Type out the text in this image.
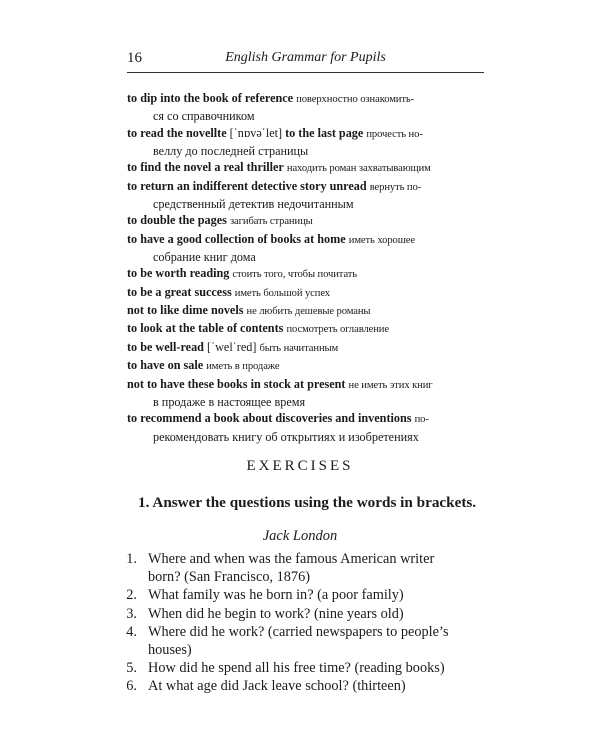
16	English Grammar for Pupils
to dip into the book of reference поверхностно ознакомить-
ся со справочником
to read the novellte [ˈnɒvəˈlet] to the last page прочесть но-
веллу до последней страницы
to find the novel a real thriller находить роман захватывающим
to return an indifferent detective story unread вернуть по-
средственный детектив недочитанным
to double the pages загибать страницы
to have a good collection of books at home иметь хорошее
собрание книг дома
to be worth reading стоить того, чтобы почитать
to be a great success иметь большой успех
not to like dime novels не любить дешевые романы
to look at the table of contents посмотреть оглавление
to be well-read [ˈwelˈred] быть начитанным
to have on sale иметь в продаже
not to have these books in stock at present не иметь этих книг
в продаже в настоящее время
to recommend a book about discoveries and inventions по-
рекомендовать книгу об открытиях и изобретениях
EXERCISES
1. Answer the questions using the words in brackets.
Jack London
1. Where and when was the famous American writer
born? (San Francisco, 1876)
2. What family was he born in? (a poor family)
3. When did he begin to work? (nine years old)
4. Where did he work? (carried newspapers to people’s
houses)
5. How did he spend all his free time? (reading books)
6. At what age did Jack leave school? (thirteen)
